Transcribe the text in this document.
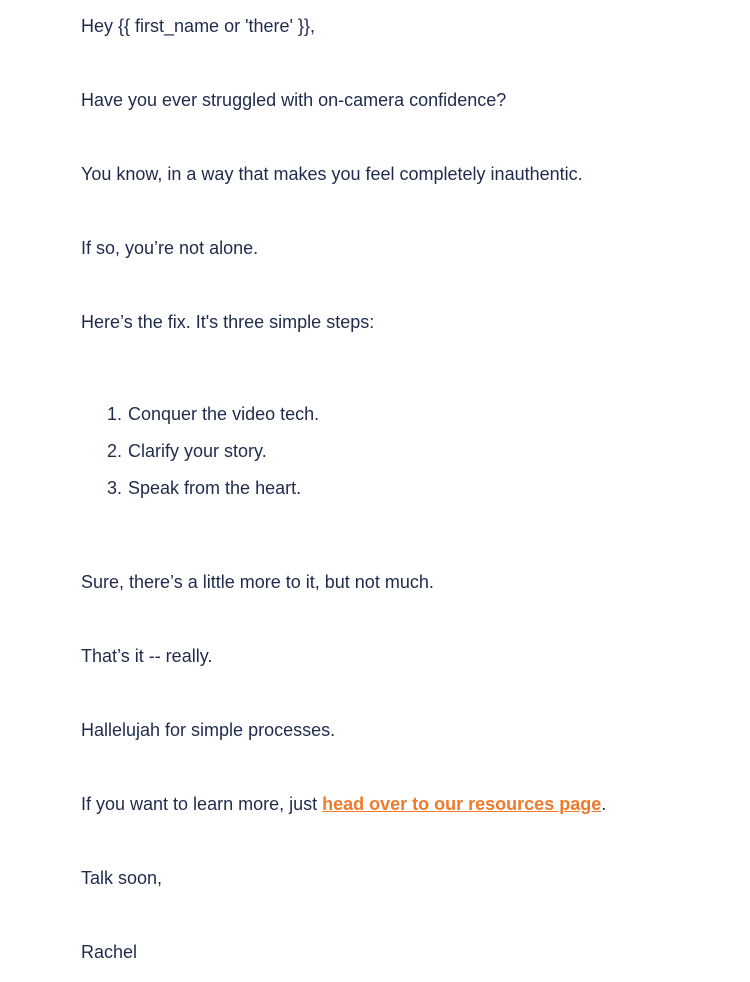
Hey {{ first_name or 'there' }},
Have you ever struggled with on-camera confidence?
You know, in a way that makes you feel completely inauthentic.
If so, you’re not alone.
Here’s the fix. It's three simple steps:
1. Conquer the video tech.
2. Clarify your story.
3. Speak from the heart.
Sure, there’s a little more to it, but not much.
That’s it -- really.
Hallelujah for simple processes.
If you want to learn more, just head over to our resources page.
Talk soon,
Rachel
